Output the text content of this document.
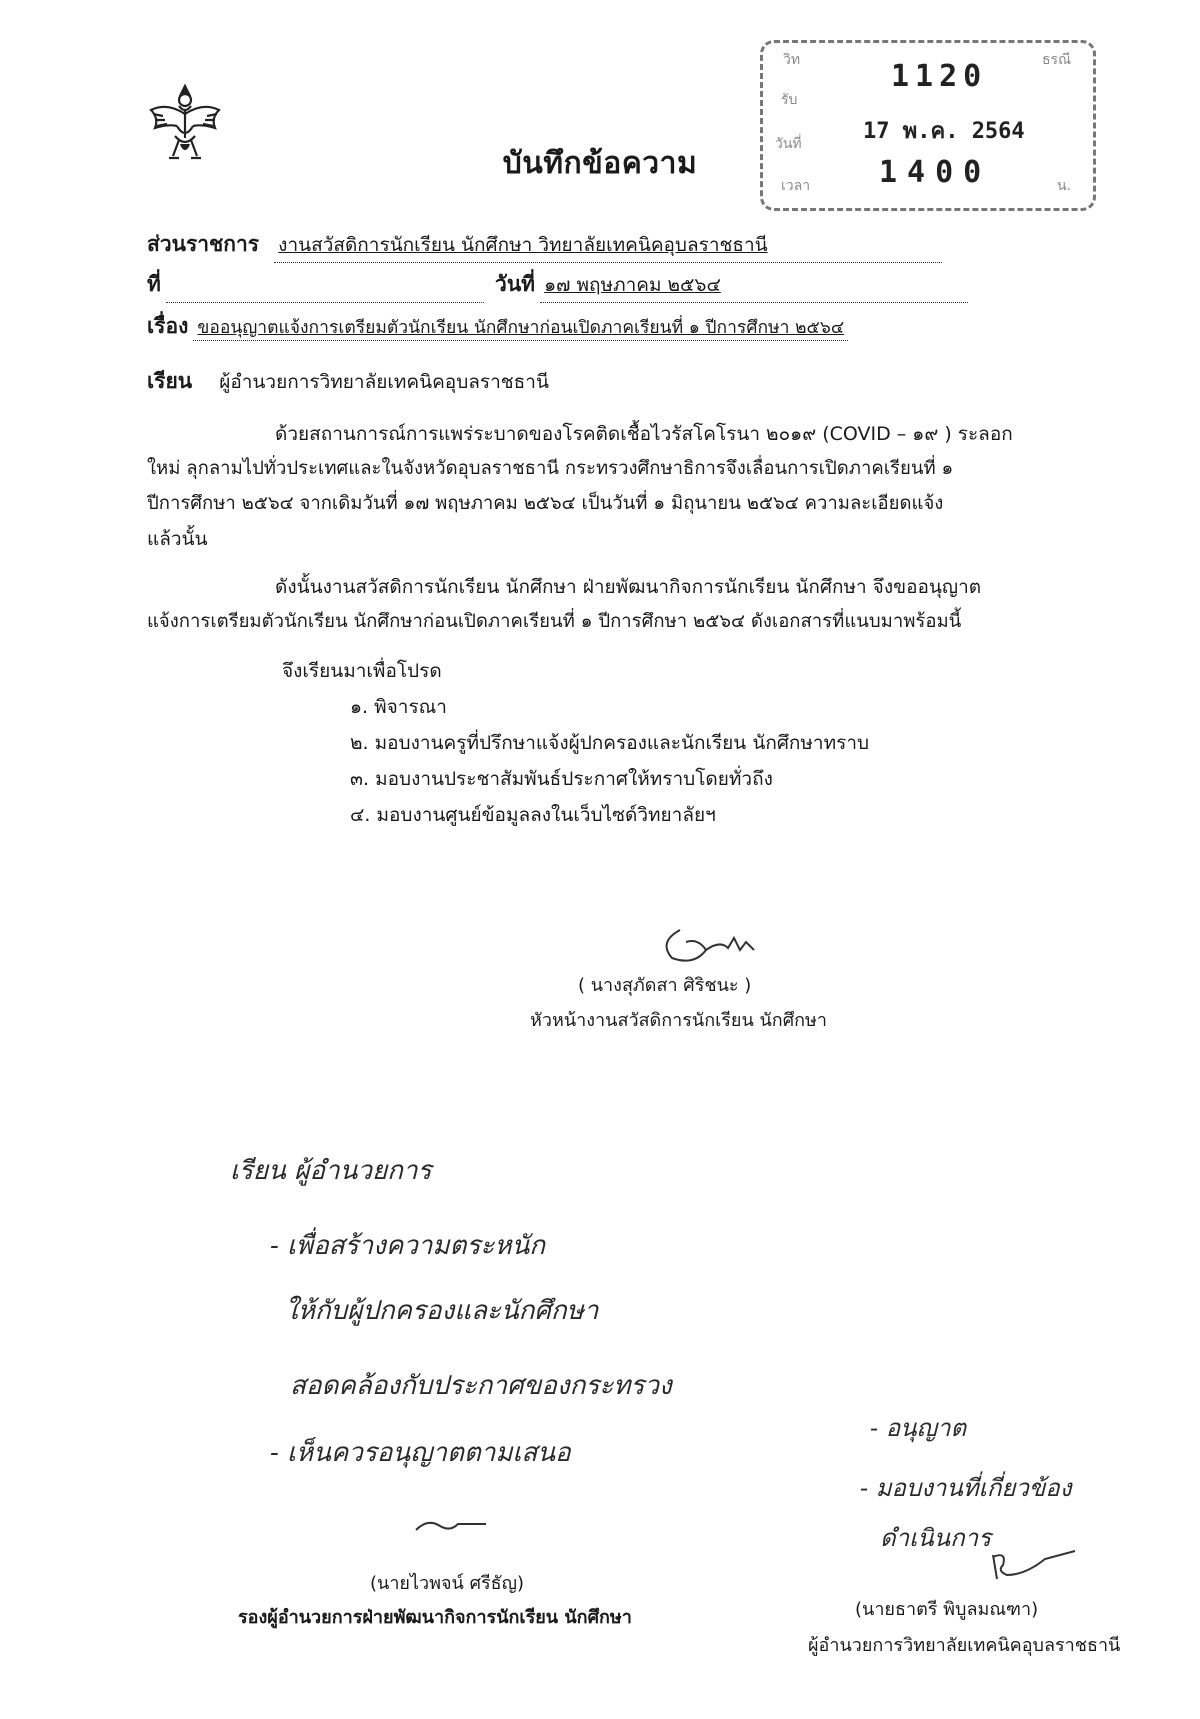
บันทึกข้อความ
วิท	ธรณี
รับ
วันที่
เวลา	น.
1120
17 พ.ค. 2564
1400
ส่วนราชการ งานสวัสดิการนักเรียน นักศึกษา วิทยาลัยเทคนิคอุบลราชธานี
ที่	วันที่ ๑๗ พฤษภาคม ๒๕๖๔
เรื่อง ขออนุญาตแจ้งการเตรียมตัวนักเรียน นักศึกษาก่อนเปิดภาคเรียนที่ ๑ ปีการศึกษา ๒๕๖๔
เรียน ผู้อำนวยการวิทยาลัยเทคนิคอุบลราชธานี
ด้วยสถานการณ์การแพร่ระบาดของโรคติดเชื้อไวรัสโคโรนา ๒๐๑๙ (COVID – ๑๙ ) ระลอก
ใหม่ ลุกลามไปทั่วประเทศและในจังหวัดอุบลราชธานี กระทรวงศึกษาธิการจึงเลื่อนการเปิดภาคเรียนที่ ๑
ปีการศึกษา ๒๕๖๔ จากเดิมวันที่ ๑๗ พฤษภาคม ๒๕๖๔ เป็นวันที่ ๑ มิถุนายน ๒๕๖๔ ความละเอียดแจ้ง
แล้วนั้น
ดังนั้นงานสวัสดิการนักเรียน นักศึกษา ฝ่ายพัฒนากิจการนักเรียน นักศึกษา จึงขออนุญาต
แจ้งการเตรียมตัวนักเรียน นักศึกษาก่อนเปิดภาคเรียนที่ ๑ ปีการศึกษา ๒๕๖๔ ดังเอกสารที่แนบมาพร้อมนี้
จึงเรียนมาเพื่อโปรด
๑. พิจารณา
๒. มอบงานครูที่ปรึกษาแจ้งผู้ปกครองและนักเรียน นักศึกษาทราบ
๓. มอบงานประชาสัมพันธ์ประกาศให้ทราบโดยทั่วถึง
๔. มอบงานศูนย์ข้อมูลลงในเว็บไซด์วิทยาลัยฯ
( นางสุภัดสา ศิริชนะ )
หัวหน้างานสวัสดิการนักเรียน นักศึกษา
เรียน ผู้อำนวยการ
- เพื่อสร้างความตระหนัก
ให้กับผู้ปกครองและนักศึกษา
สอดคล้องกับประกาศของกระทรวง
- เห็นควรอนุญาตตามเสนอ
(นายไวพจน์ ศรีธัญ)
รองผู้อำนวยการฝ่ายพัฒนากิจการนักเรียน นักศึกษา
- อนุญาต
- มอบงานที่เกี่ยวข้อง
ดำเนินการ
(นายธาตรี พิบูลมณฑา)
ผู้อำนวยการวิทยาลัยเทคนิคอุบลราชธานี
